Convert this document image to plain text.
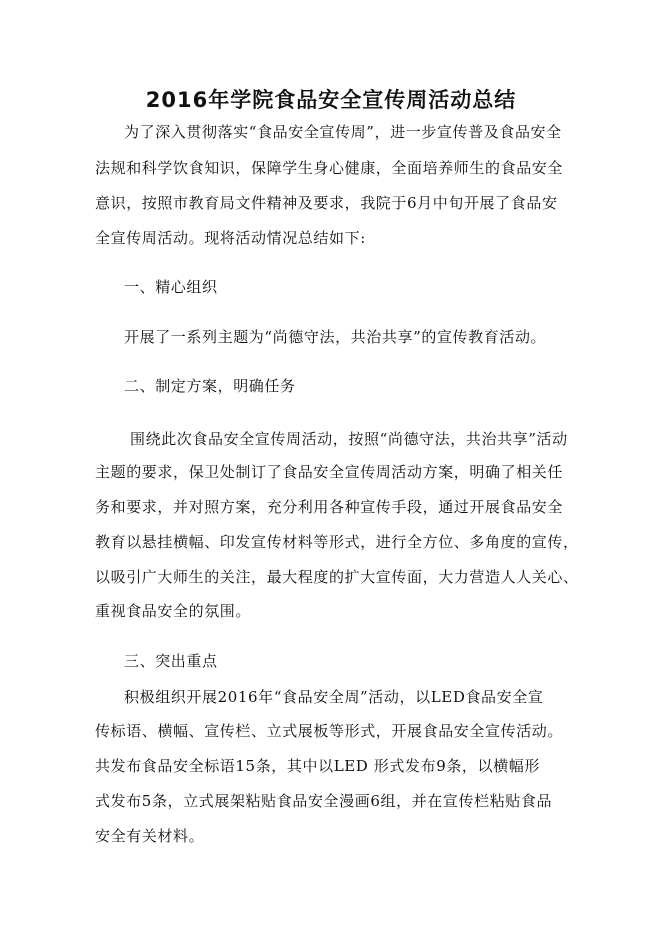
2016年学院食品安全宣传周活动总结
为了深入贯彻落实“食品安全宣传周”，进一步宣传普及食品安全
法规和科学饮食知识，保障学生身心健康，全面培养师生的食品安全
意识，按照市教育局文件精神及要求，我院于6月中旬开展了食品安
全宣传周活动。现将活动情况总结如下:
一、精心组织
开展了一系列主题为“尚德守法，共治共享”的宣传教育活动。
二、制定方案，明确任务
围绕此次食品安全宣传周活动，按照“尚德守法，共治共享”活动
主题的要求，保卫处制订了食品安全宣传周活动方案，明确了相关任
务和要求，并对照方案，充分利用各种宣传手段，通过开展食品安全
教育以悬挂横幅、印发宣传材料等形式，进行全方位、多角度的宣传，
以吸引广大师生的关注，最大程度的扩大宣传面，大力营造人人关心、
重视食品安全的氛围。
三、突出重点
积极组织开展2016年“食品安全周”活动，以LED食品安全宣
传标语、横幅、宣传栏、立式展板等形式，开展食品安全宣传活动。
共发布食品安全标语15条，其中以LED 形式发布9条，以横幅形
式发布5条，立式展架粘贴食品安全漫画6组，并在宣传栏粘贴食品
安全有关材料。
